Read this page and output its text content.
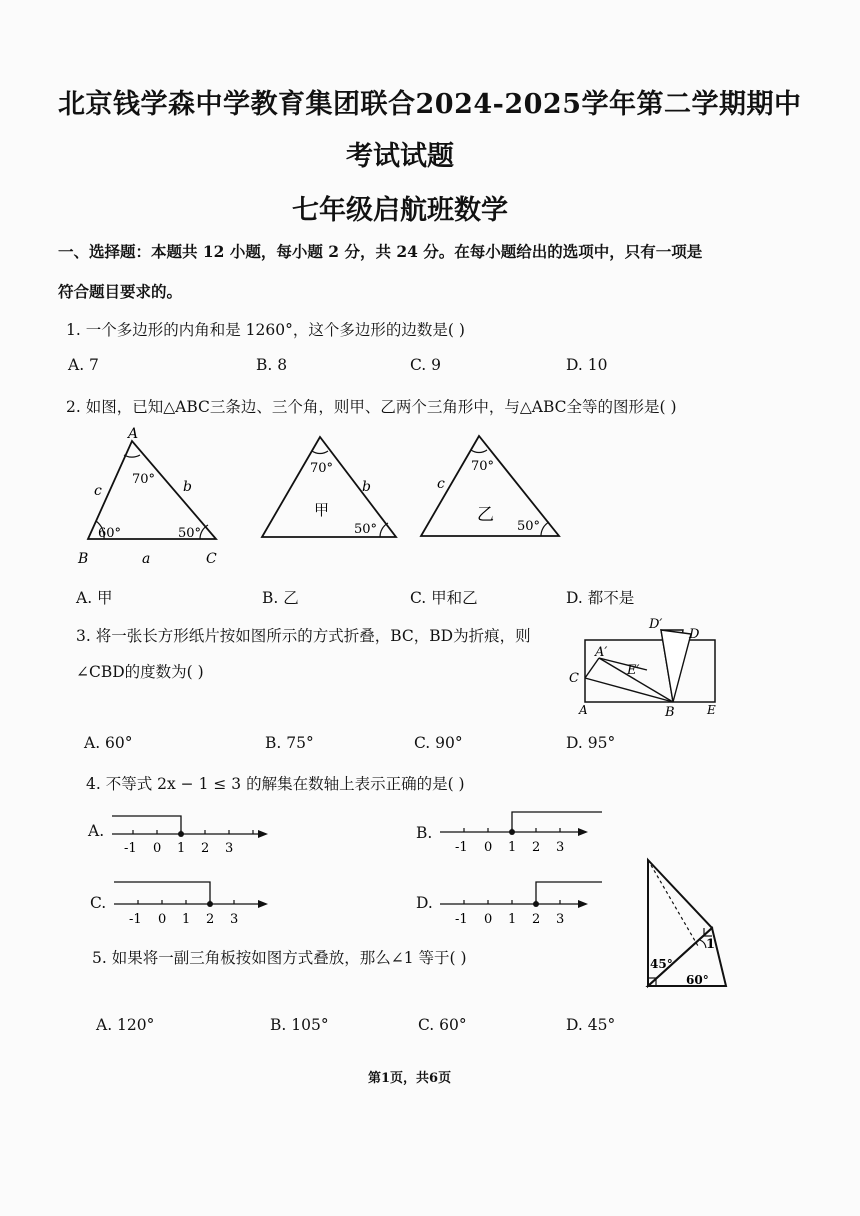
北京钱学森中学教育集团联合2024-2025学年第二学期期中
考试试题
七年级启航班数学
一、选择题：本题共 12 小题，每小题 2 分，共 24 分。在每小题给出的选项中，只有一项是
符合题目要求的。
1. 一个多边形的内角和是 1260°，这个多边形的边数是( )
A. 7	B. 8	C. 9	D. 10
2. 如图，已知△ABC三条边、三个角，则甲、乙两个三角形中，与△ABC全等的图形是( )
A
B	C
a
b
c
70°
60°	50°
70°
b
甲
50°
70°
c
乙
50°
A. 甲	B. 乙	C. 甲和乙	D. 都不是
3. 将一张长方形纸片按如图所示的方式折叠，BC，BD为折痕，则
∠CBD的度数为( )
D′
D
A′
E′
C
A	B	E
A. 60°	B. 75°	C. 90°	D. 95°
4. 不等式 2x − 1 ≤ 3 的解集在数轴上表示正确的是( )
A.
-1 0 1 2 3
B.
-1 0 1 2 3
C.
-1 0 1 2 3
D.
-1 0 1 2 3
1
45°
60°
5. 如果将一副三角板按如图方式叠放，那么∠1 等于( )
A. 120°	B. 105°	C. 60°	D. 45°
第1页，共6页
